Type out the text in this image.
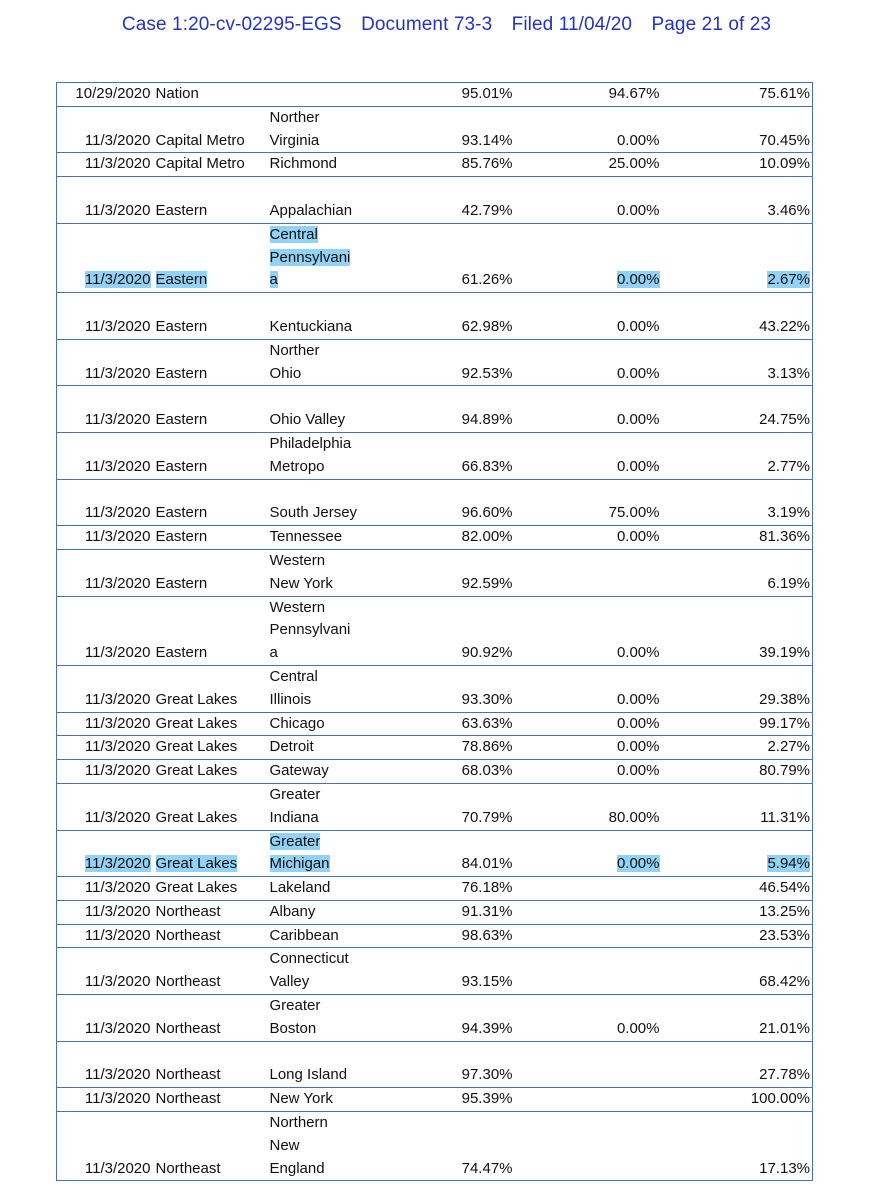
Case 1:20-cv-02295-EGS Document 73-3 Filed 11/04/20 Page 21 of 23
10/29/2020	Nation		95.01%	94.67%	75.61%
11/3/2020	Capital Metro	Norther
Virginia	93.14%	0.00%	70.45%
11/3/2020	Capital Metro	Richmond	85.76%	25.00%	10.09%
11/3/2020	Eastern	Appalachian	42.79%	0.00%	3.46%
11/3/2020	Eastern	Central
Pennsylvani
a	61.26%	0.00%	2.67%
11/3/2020	Eastern	Kentuckiana	62.98%	0.00%	43.22%
11/3/2020	Eastern	Norther
Ohio	92.53%	0.00%	3.13%
11/3/2020	Eastern	Ohio Valley	94.89%	0.00%	24.75%
11/3/2020	Eastern	Philadelphia
Metropo	66.83%	0.00%	2.77%
11/3/2020	Eastern	South Jersey	96.60%	75.00%	3.19%
11/3/2020	Eastern	Tennessee	82.00%	0.00%	81.36%
11/3/2020	Eastern	Western
New York	92.59%		6.19%
11/3/2020	Eastern	Western
Pennsylvani
a	90.92%	0.00%	39.19%
11/3/2020	Great Lakes	Central
Illinois	93.30%	0.00%	29.38%
11/3/2020	Great Lakes	Chicago	63.63%	0.00%	99.17%
11/3/2020	Great Lakes	Detroit	78.86%	0.00%	2.27%
11/3/2020	Great Lakes	Gateway	68.03%	0.00%	80.79%
11/3/2020	Great Lakes	Greater
Indiana	70.79%	80.00%	11.31%
11/3/2020	Great Lakes	Greater
Michigan	84.01%	0.00%	5.94%
11/3/2020	Great Lakes	Lakeland	76.18%		46.54%
11/3/2020	Northeast	Albany	91.31%		13.25%
11/3/2020	Northeast	Caribbean	98.63%		23.53%
11/3/2020	Northeast	Connecticut
Valley	93.15%		68.42%
11/3/2020	Northeast	Greater
Boston	94.39%	0.00%	21.01%
11/3/2020	Northeast	Long Island	97.30%		27.78%
11/3/2020	Northeast	New York	95.39%		100.00%
11/3/2020	Northeast	Northern
New
England	74.47%		17.13%
